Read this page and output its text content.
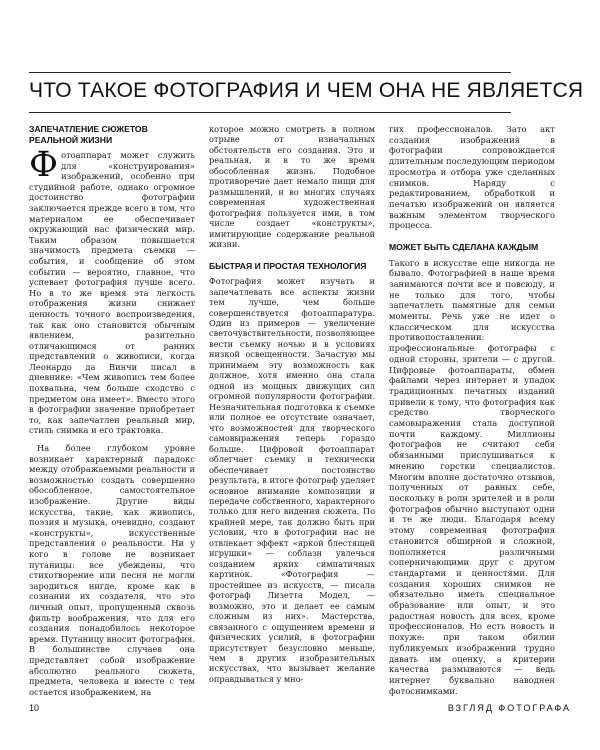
ЧТО ТАКОЕ ФОТОГРАФИЯ И ЧЕМ ОНА НЕ ЯВЛЯЕТСЯ
ЗАПЕЧАТЛЕНИЕ СЮЖЕТОВ РЕАЛЬНОЙ ЖИЗНИ

Фотоаппарат может служить для «конструирования» изображений, особенно при студийной работе, однако огромное достоинство фотографии заключается прежде всего в том, что материалом ее обеспечивает окружающий нас физический мир. Таким образом повышается значимость предмета съемки — события, и сообщение об этом событии — вероятно, главное, что успевает фотография лучше всего. Но в то же время эта легкость отображения жизни снижает ценность точного воспроизведения, так как оно становится обычным явлением, разительно отличающимся от ранних представлений о живописи, когда Леонардо да Винчи писал в дневнике: «Чем живопись тем более похвальна, чем больше сходство с предметом она имеет». Вместо этого в фотографии значение приобретает то, как запечатлен реальный мир, стиль снимка и его трактовка.

На более глубоком уровне возникает характерный парадокс между отображаемыми реальности и возможностью создать совершенно обособленное, самостоятельное изображение. Другие виды искусства, такие, как живопись, поэзия и музыка, очевидно, создают «конструкты», искусственные представления о реальности. Ни у кого в голове не возникает путаницы: все убеждены, что стихотворение или песня не могли зародиться нигде, кроме как в сознании их создателя, что это личный опыт, пропущенный сквозь фильтр воображения, что для его создания понадобилось некоторое время. Путаницу вносит фотография. В большинстве случаев она представляет собой изображение абсолютно реального сюжета, предмета, человека и вместе с тем остается изображением, на

которое можно смотреть в полном отрыве от изначальных обстоятельств его создания. Это и реальная, и в то же время обособленная жизнь. Подобное противоречие дает немало пищи для размышлений, и во многих случаях современная художественная фотография пользуется ими, в том числе создает «конструкты», имитирующие содержание реальной жизни.

БЫСТРАЯ И ПРОСТАЯ ТЕХНОЛОГИЯ

Фотография может изучать и запечатлевать все аспекты жизни тем лучше, чем больше совершенствуется фотоаппаратура. Один из примеров — увеличение светочувствительности, позволяющее вести съемку ночью и в условиях низкой освещенности. Зачастую мы принимаем эту возможность как должное, хотя именно она стала одной из мощных движущих сил огромной популярности фотографии. Незначительная подготовка к съемке или полное ее отсутствие означает, что возможностей для творческого самовыражения теперь гораздо больше. Цифровой фотоаппарат облегчает съемку и технически обеспечивает постоянство результата, в итоге фотограф уделяет основное внимание композиции и передаче собственного, характерного только для него видения сюжета. По крайней мере, так должно быть при условии, что в фотографии нас не отвлекает эффект «яркой блестящей игрушки» — соблазн увлечься созданием ярких симпатичных картинок. «Фотография — простейшее из искусств, — писала фотограф Лизетта Модел, — возможно, это и делает ее самым сложным из них». Мастерства, связанного с ощущением времени и физических усилий, в фотографии присутствует безусловно меньше, чем в других изобразительных искусствах, что вызывает желание оправдываться у мно-

гих профессионалов. Зато акт создания изображения в фотографии сопровождается длительным последующим периодом просмотра и отбора уже сделанных снимков. Наряду с редактированием, обработкой и печатью изображений он является важным элементом творческого процесса.

МОЖЕТ БЫТЬ СДЕЛАНА КАЖДЫМ

Такого в искусстве еще никогда не бывало. Фотографией в наше время занимаются почти все и повсюду, и не только для того, чтобы запечатлеть памятные для семьи моменты. Речь уже не идет о классическом для искусства противопоставлении: профессиональные фотографы с одной стороны, зрители — с другой. Цифровые фотоаппараты, обмен файлами через интернет и упадок традиционных печатных изданий привели к тому, что фотография как средство творческого самовыражения стала доступной почти каждому. Миллионы фотографов не считают себя обязанными прислушиваться к мнению горстки специалистов. Многим вполне достаточно отзывов, полученных от равных себе, поскольку в роли зрителей и в роли фотографов обычно выступают одни и те же люди. Благодаря всему этому современная фотография становится обширной и сложной, пополняется различными соперничающими друг с другом стандартами и ценностями. Для создания хороших снимков не обязательно иметь специальное образование или опыт, и это радостная новость для всех, кроме профессионалов. Но есть новость и похуже: при таком обилии публикуемых изображений трудно давать им оценку, а критерии качества размываются — ведь интернет буквально наводнен фотоснимками.

10	ВЗГЛЯД ФОТОГРАФА
